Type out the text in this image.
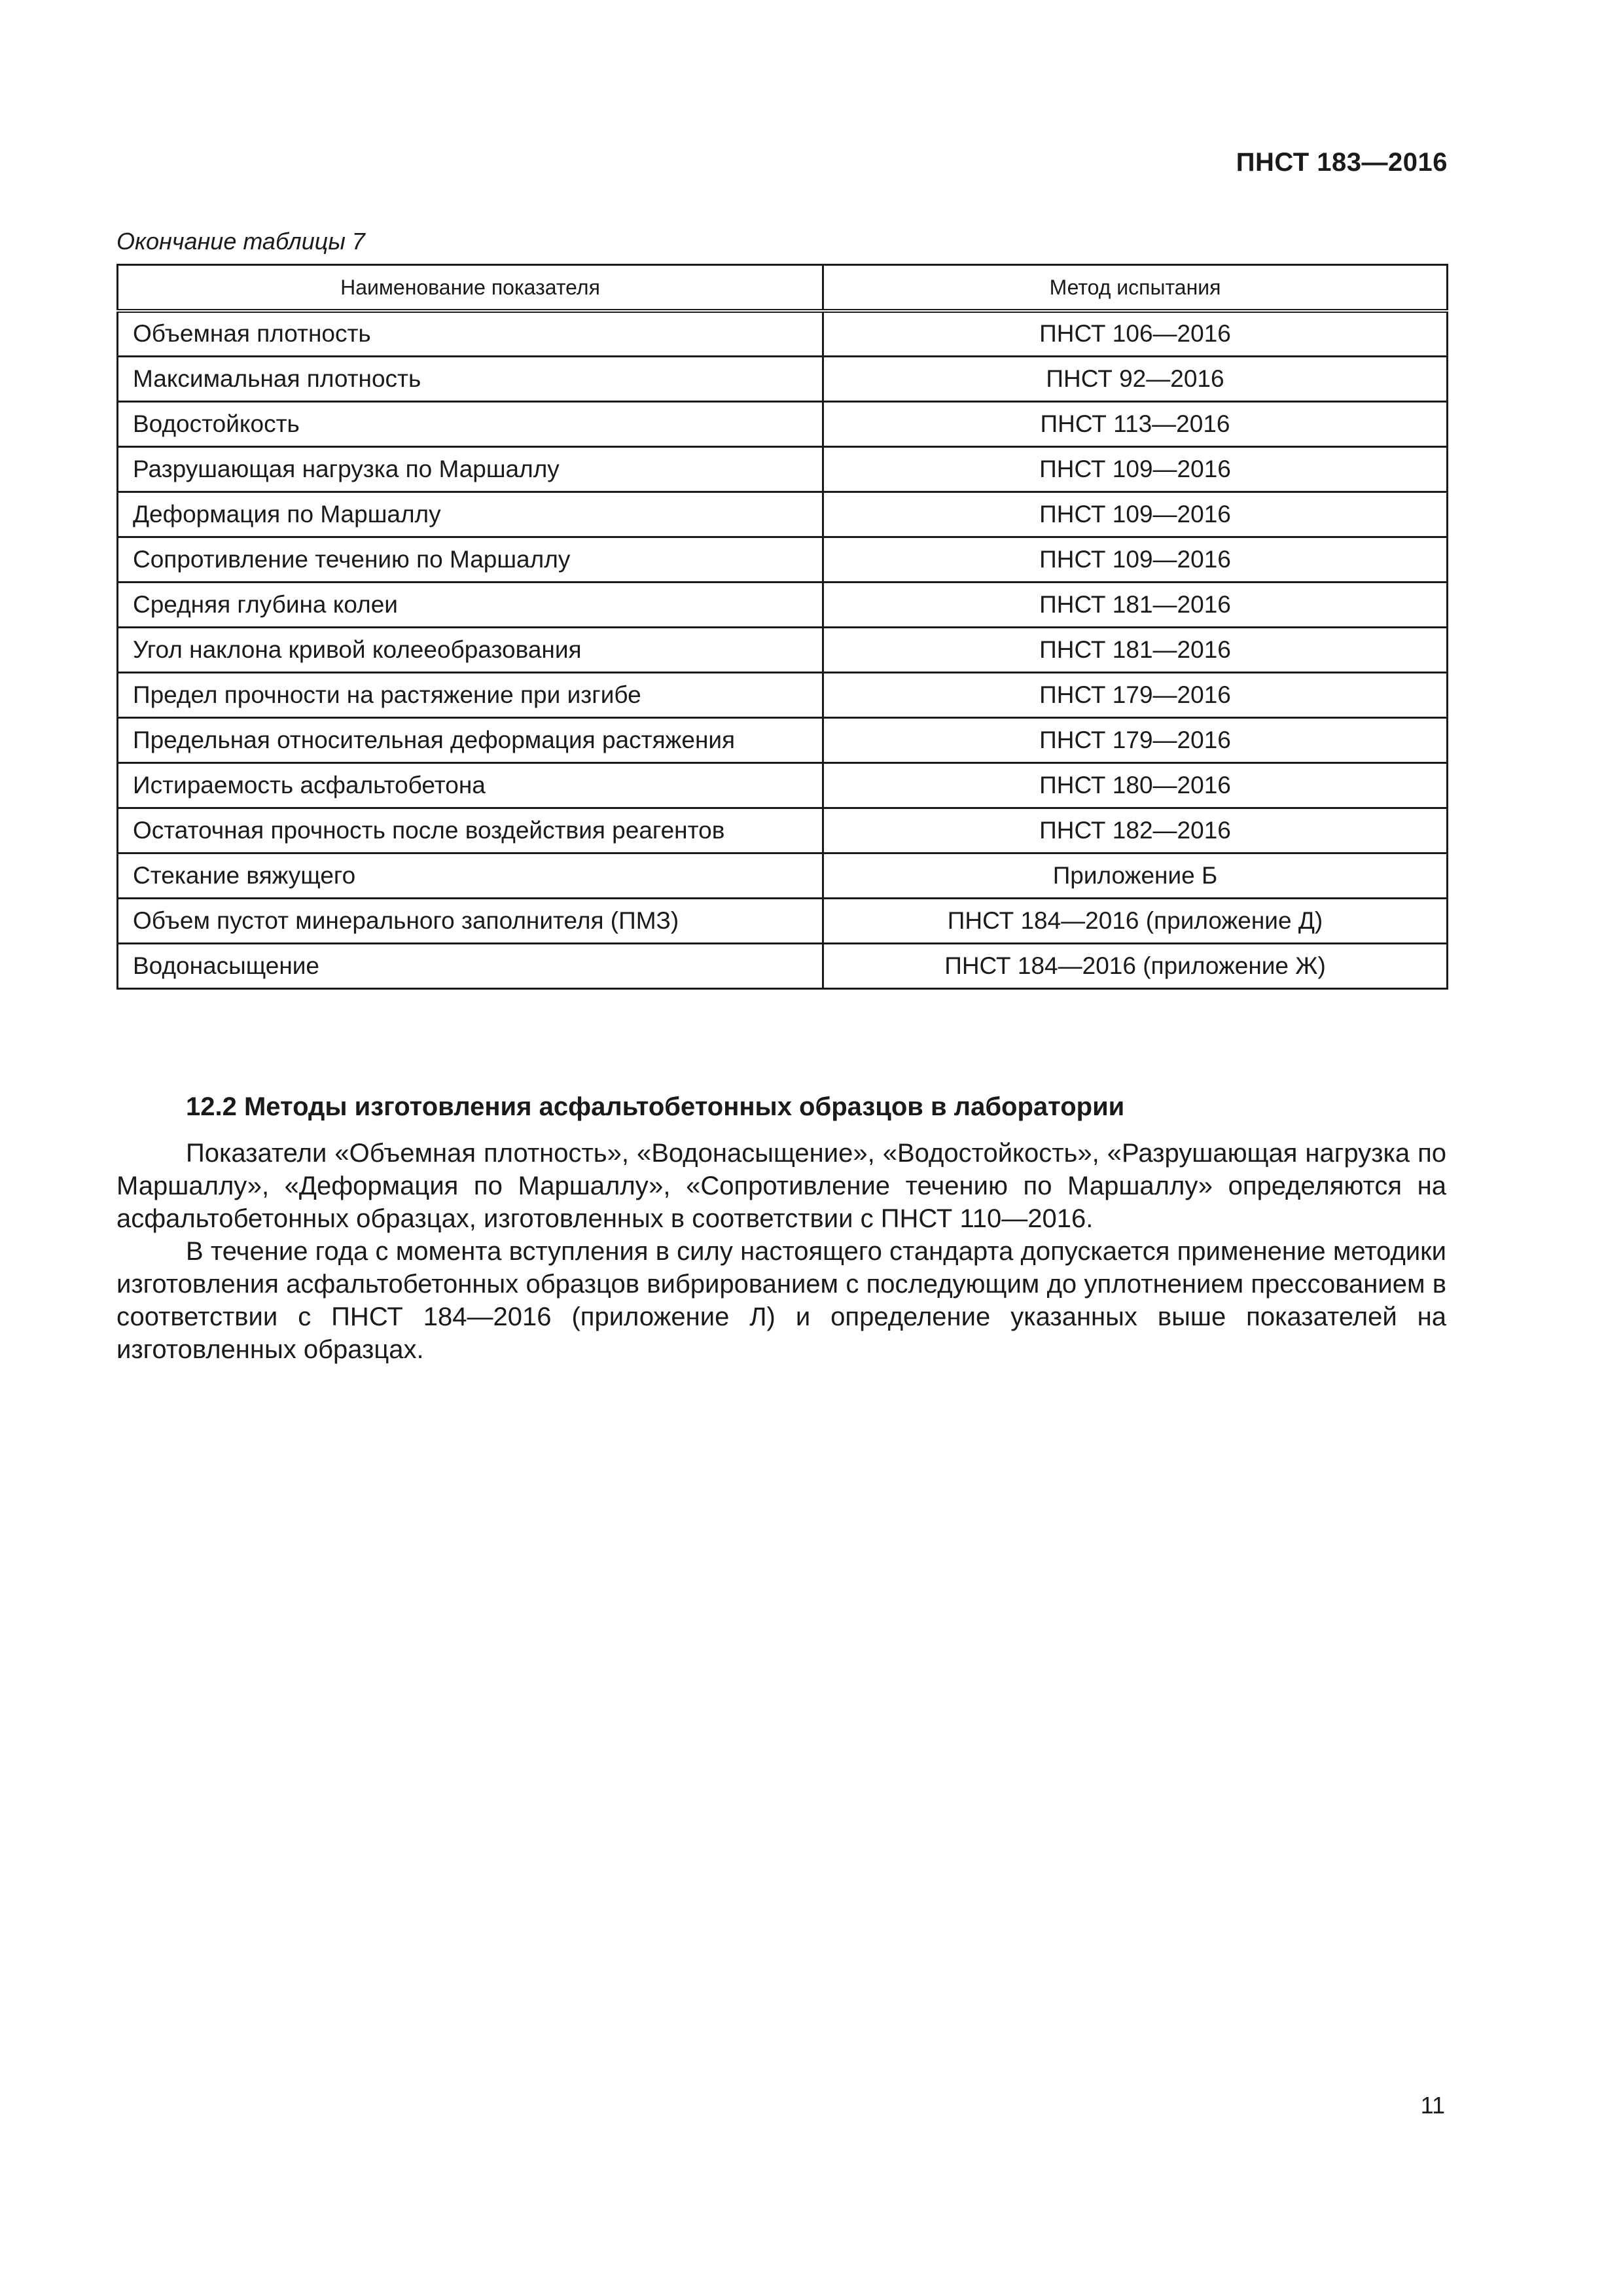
ПНСТ 183—2016
Окончание таблицы 7
Наименование показателя	Метод испытания
Объемная плотность	ПНСТ 106—2016
Максимальная плотность	ПНСТ 92—2016
Водостойкость	ПНСТ 113—2016
Разрушающая нагрузка по Маршаллу	ПНСТ 109—2016
Деформация по Маршаллу	ПНСТ 109—2016
Сопротивление течению по Маршаллу	ПНСТ 109—2016
Средняя глубина колеи	ПНСТ 181—2016
Угол наклона кривой колееобразования	ПНСТ 181—2016
Предел прочности на растяжение при изгибе	ПНСТ 179—2016
Предельная относительная деформация растяжения	ПНСТ 179—2016
Истираемость асфальтобетона	ПНСТ 180—2016
Остаточная прочность после воздействия реагентов	ПНСТ 182—2016
Стекание вяжущего	Приложение Б
Объем пустот минерального заполнителя (ПМЗ)	ПНСТ 184—2016 (приложение Д)
Водонасыщение	ПНСТ 184—2016 (приложение Ж)
12.2 Методы изготовления асфальтобетонных образцов в лаборатории

Показатели «Объемная плотность», «Водонасыщение», «Водостойкость», «Разрушающая нагрузка по Маршаллу», «Деформация по Маршаллу», «Сопротивление течению по Маршаллу» определяются на асфальтобетонных образцах, изготовленных в соответствии с ПНСТ 110—2016.

В течение года с момента вступления в силу настоящего стандарта допускается применение методики изготовления асфальтобетонных образцов вибрированием с последующим до уплотнением прессованием в соответствии с ПНСТ 184—2016 (приложение Л) и определение указанных выше показателей на изготовленных образцах.

11
